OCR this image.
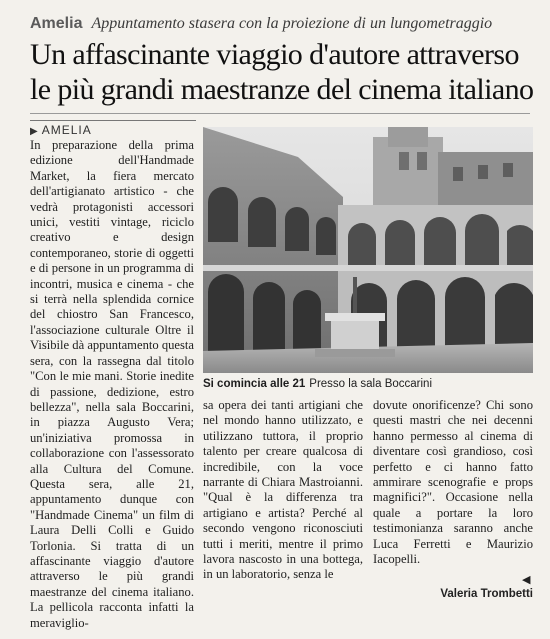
Amelia Appuntamento stasera con la proiezione di un lungometraggio
Un affascinante viaggio d'autore attraverso
le più grandi maestranze del cinema italiano
▶ AMELIA

In preparazione della prima edizione dell'Handmade Market, la fiera mercato dell'artigianato artistico - che vedrà protagonisti accessori unici, vestiti vintage, riciclo creativo e design contemporaneo, storie di oggetti e di persone in un programma di incontri, musica e cinema - che si terrà nella splendida cornice del chiostro San Francesco, l'associazione culturale Oltre il Visibile dà appuntamento questa sera, con la rassegna dal titolo "Con le mie mani. Storie inedite di passione, dedizione, estro bellezza", nella sala Boccarini, in piazza Augusto Vera; un'iniziativa promossa in collaborazione con l'assessorato alla Cultura del Comune. Questa sera, alle 21, appuntamento dunque con "Handmade Cinema" un film di Laura Delli Colli e Guido Torlonia. Si tratta di un affascinante viaggio d'autore attraverso le più grandi maestranze del cinema italiano. La pellicola racconta infatti la meraviglio-

Si comincia alle 21 Presso la sala Boccarini

sa opera dei tanti artigiani che nel mondo hanno utilizzato, e utilizzano tuttora, il proprio talento per creare qualcosa di incredibile, con la voce narrante di Chiara Mastroianni. "Qual è la differenza tra artigiano e artista? Perché al secondo vengono riconosciuti tutti i meriti, mentre il primo lavora nascosto in una bottega, in un laboratorio, senza le

dovute onorificenze? Chi sono questi mastri che nei decenni hanno permesso al cinema di diventare così grandioso, così perfetto e ci hanno fatto ammirare scenografie e props magnifici?". Occasione nella quale a portare la loro testimonianza saranno anche Luca Ferretti e Maurizio Iacopelli.

◀
Valeria Trombetti
